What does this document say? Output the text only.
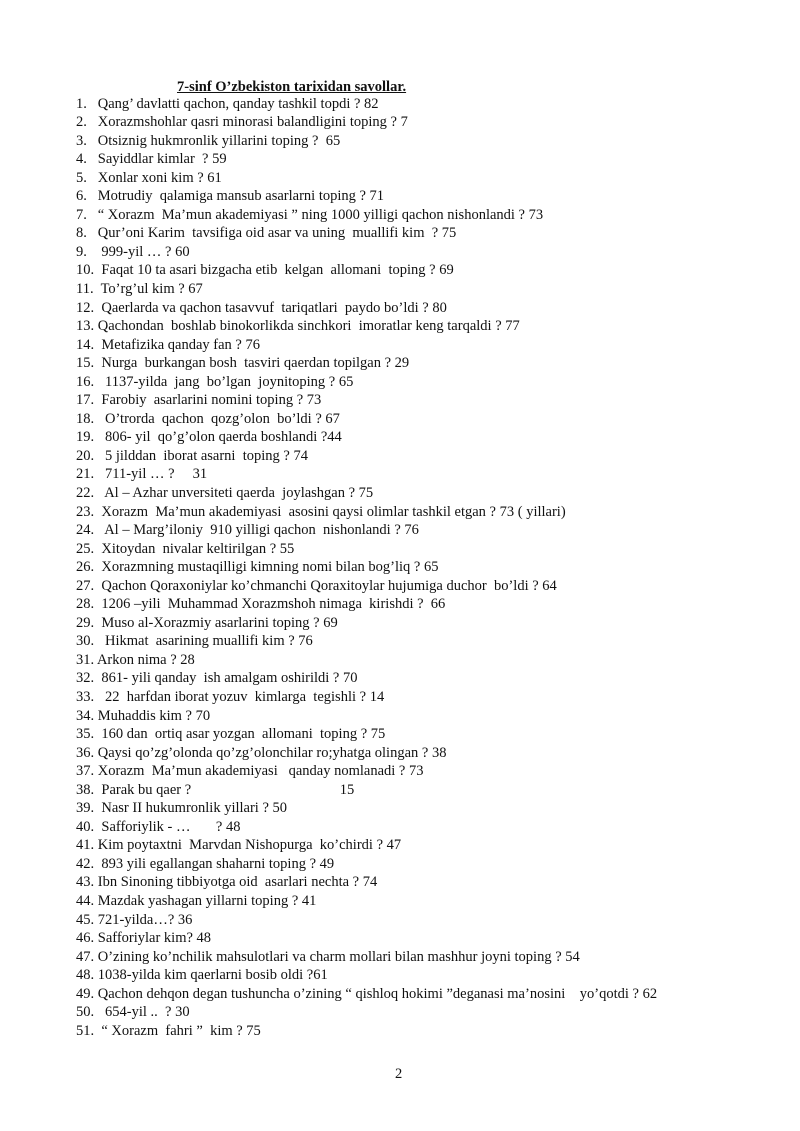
7-sinf O’zbekiston tarixidan savollar.
1.   Qang’ davlatti qachon, qanday tashkil topdi ? 82
2.   Xorazmshohlar qasri minorasi balandligini toping ? 7
3.   Otsiznig hukmronlik yillarini toping ?  65
4.   Sayiddlar kimlar  ? 59
5.   Xonlar xoni kim ? 61
6.   Motrudiy  qalamiga mansub asarlarni toping ? 71
7.   “ Xorazm  Ma’mun akademiyasi ” ning 1000 yilligi qachon nishonlandi ? 73
8.   Qur’oni Karim  tavsifiga oid asar va uning  muallifi kim  ? 75
9.    999-yil … ? 60
10.  Faqat 10 ta asari bizgacha etib  kelgan  allomani  toping ? 69
11.  To’rg’ul kim ? 67
12.  Qaerlarda va qachon tasavvuf  tariqatlari  paydo bo’ldi ? 80
13. Qachondan  boshlab binokorlikda sinchkori  imoratlar keng tarqaldi ? 77
14.  Metafizika qanday fan ? 76
15.  Nurga  burkangan bosh  tasviri qaerdan topilgan ? 29
16.   1137-yilda  jang  bo’lgan  joynitoping ? 65
17.  Farobiy  asarlarini nomini toping ? 73
18.   O’trorda  qachon  qozg’olon  bo’ldi ? 67
19.   806- yil  qo’g’olon qaerda boshlandi ?44
20.   5 jilddan  iborat asarni  toping ? 74
21.   711-yil … ?     31
22.   Al – Azhar unversiteti qaerda  joylashgan ? 75
23.  Xorazm  Ma’mun akademiyasi  asosini qaysi olimlar tashkil etgan ? 73 ( yillari)
24.   Al – Marg’iloniy  910 yilligi qachon  nishonlandi ? 76
25.  Xitoydan  nivalar keltirilgan ? 55
26.  Xorazmning mustaqilligi kimning nomi bilan bog’liq ? 65
27.  Qachon Qoraxoniylar ko’chmanchi Qoraxitoylar hujumiga duchor  bo’ldi ? 64
28.  1206 –yili  Muhammad Xorazmshoh nimaga  kirishdi ?  66
29.  Muso al-Xorazmiy asarlarini toping ? 69
30.   Hikmat  asarining muallifi kim ? 76
31. Arkon nima ? 28
32.  861- yili qanday  ish amalgam oshirildi ? 70
33.   22  harfdan iborat yozuv  kimlarga  tegishli ? 14
34. Muhaddis kim ? 70
35.  160 dan  ortiq asar yozgan  allomani  toping ? 75
36. Qaysi qo’zg’olonda qo’zg’olonchilar ro;yhatga olingan ? 38
37. Xorazm  Ma’mun akademiyasi   qanday nomlanadi ? 73
38.  Parak bu qaer ?                                         15
39.  Nasr II hukumronlik yillari ? 50
40.  Safforiylik - …       ? 48
41. Kim poytaxtni  Marvdan Nishopurga  ko’chirdi ? 47
42.  893 yili egallangan shaharni toping ? 49
43. Ibn Sinoning tibbiyotga oid  asarlari nechta ? 74
44. Mazdak yashagan yillarni toping ? 41
45. 721-yilda…? 36
46. Safforiylar kim? 48
47. O’zining ko’nchilik mahsulotlari va charm mollari bilan mashhur joyni toping ? 54
48. 1038-yilda kim qaerlarni bosib oldi ?61
49. Qachon dehqon degan tushuncha o’zining “ qishloq hokimi ”deganasi ma’nosini    yo’qotdi ? 62
50.   654-yil ..  ? 30
51.  “ Xorazm  fahri ”  kim ? 75
2
